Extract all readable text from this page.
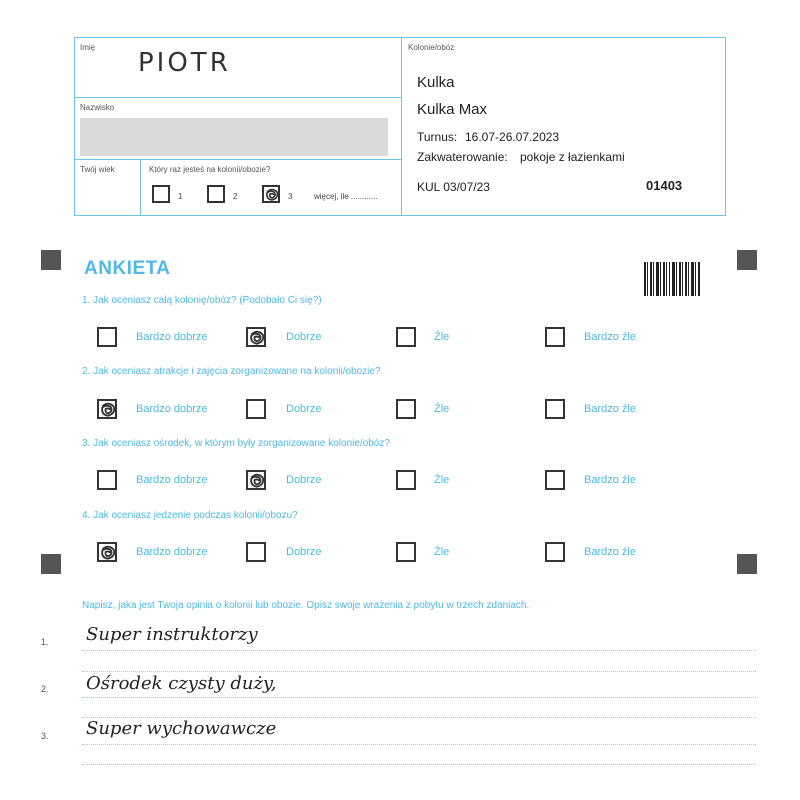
Imię
PIOTR
Nazwisko
Twój wiek	Który raz jesteś na kolonii/obozie?
1	2	3	więcej, ile ............
Kolonie/obóz
Kulka
Kulka Max
Turnus: 16.07-26.07.2023
Zakwaterowanie: pokoje z łazienkami
KUL 03/07/23	01403
ANKIETA
1. Jak oceniasz całą kolonię/obóz? (Podobało Ci się?)
Bardzo dobrze	Dobrze	Źle	Bardzo źle
2. Jak oceniasz atrakcje i zajęcia zorganizowane na kolonii/obozie?
Bardzo dobrze	Dobrze	Źle	Bardzo źle
3. Jak oceniasz ośrodek, w którym były zorganizowane kolonie/obóz?
Bardzo dobrze	Dobrze	Źle	Bardzo źle
4. Jak oceniasz jedzenie podczas kolonii/obozu?
Bardzo dobrze	Dobrze	Źle	Bardzo źle
Napisz, jaka jest Twoja opinia o kolonii lub obozie. Opisz swoje wrażenia z pobytu w trzech zdaniach.
1. Super instruktorzy
2. Ośrodek czysty duży,
3. Super wychowawcze
